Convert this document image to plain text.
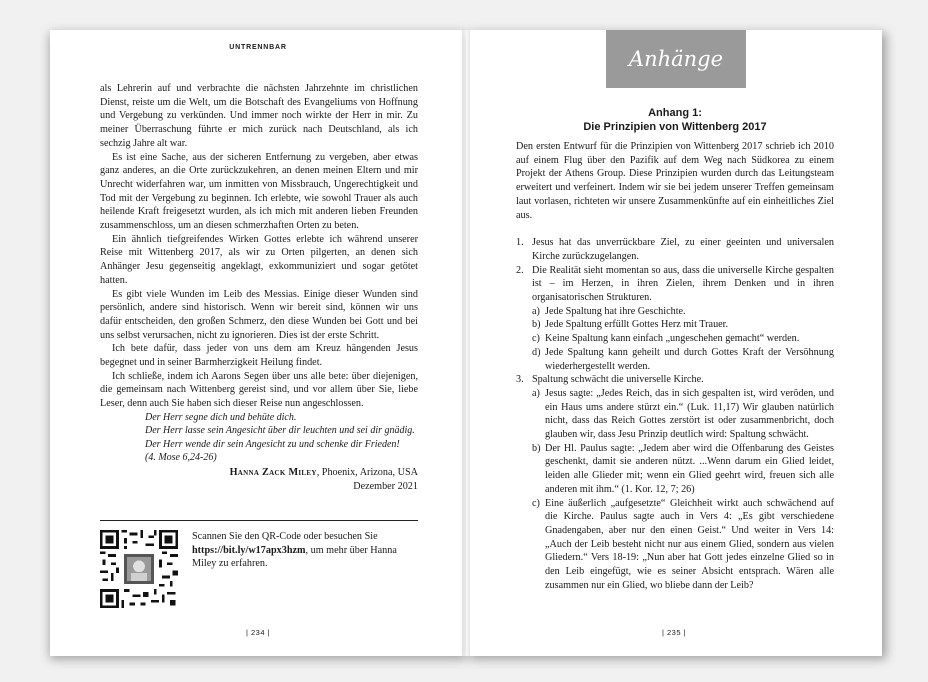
UNTRENNBAR

als Lehrerin auf und verbrachte die nächsten Jahrzehnte im christlichen Dienst, reiste um die Welt, um die Botschaft des Evangeliums von Hoffnung und Vergebung zu verkünden. Und immer noch wirkte der Herr in mir. Zu meiner Überraschung führte er mich zurück nach Deutschland, als ich sechzig Jahre alt war.

Es ist eine Sache, aus der sicheren Entfernung zu vergeben, aber etwas ganz anderes, an die Orte zurückzukehren, an denen meinen Eltern und mir Unrecht widerfahren war, um inmitten von Missbrauch, Ungerechtigkeit und Tod mit der Vergebung zu beginnen. Ich erlebte, wie sowohl Trauer als auch heilende Kraft freigesetzt wurden, als ich mich mit anderen lieben Freunden zusammenschloss, um an diesen schmerzhaften Orten zu beten.

Ein ähnlich tiefgreifendes Wirken Gottes erlebte ich während unserer Reise mit Wittenberg 2017, als wir zu Orten pilgerten, an denen sich Anhänger Jesu gegenseitig angeklagt, exkommuniziert und sogar getötet hatten.

Es gibt viele Wunden im Leib des Messias. Einige dieser Wunden sind persönlich, andere sind historisch. Wenn wir bereit sind, können wir uns dafür entscheiden, den großen Schmerz, den diese Wunden bei Gott und bei uns selbst verursachen, nicht zu ignorieren. Dies ist der erste Schritt.

Ich bete dafür, dass jeder von uns dem am Kreuz hängenden Jesus begegnet und in seiner Barmherzigkeit Heilung findet.

Ich schließe, indem ich Aarons Segen über uns alle bete: über diejenigen, die gemeinsam nach Wittenberg gereist sind, und vor allem über Sie, liebe Leser, denn auch Sie haben sich dieser Reise nun angeschlossen.

Der Herr segne dich und behüte dich.
Der Herr lasse sein Angesicht über dir leuchten und sei dir gnädig.
Der Herr wende dir sein Angesicht zu und schenke dir Frieden!
(4. Mose 6,24-26)
Hanna Zack Miley, Phoenix, Arizona, USA
Dezember 2021
Scannen Sie den QR-Code oder besuchen Sie https://bit.ly/w17apx3hzm, um mehr über Hanna Miley zu erfahren.
| 234 |
Anhänge
Anhang 1:
Die Prinzipien von Wittenberg 2017

Den ersten Entwurf für die Prinzipien von Wittenberg 2017 schrieb ich 2010 auf einem Flug über den Pazifik auf dem Weg nach Südkorea zu einem Projekt der Athens Group. Diese Prinzipien wurden durch das Leitungsteam erweitert und verfeinert. Indem wir sie bei jedem unserer Treffen gemeinsam laut vorlasen, richteten wir unsere Zusammenkünfte auf ein einheitliches Ziel aus.

1. Jesus hat das unverrückbare Ziel, zu einer geeinten und universalen Kirche zurückzugelangen.
2. Die Realität sieht momentan so aus, dass die universelle Kirche gespalten ist – im Herzen, in ihren Zielen, ihrem Denken und in ihren organisatorischen Strukturen.
a) Jede Spaltung hat ihre Geschichte.
b) Jede Spaltung erfüllt Gottes Herz mit Trauer.
c) Keine Spaltung kann einfach „ungeschehen gemacht“ werden.
d) Jede Spaltung kann geheilt und durch Gottes Kraft der Versöhnung wiederhergestellt werden.
3. Spaltung schwächt die universelle Kirche.
a) Jesus sagte: „Jedes Reich, das in sich gespalten ist, wird veröden, und ein Haus ums andere stürzt ein.“ (Luk. 11,17) Wir glauben natürlich nicht, dass das Reich Gottes zerstört ist oder zusammenbricht, doch glauben wir, dass Jesu Prinzip deutlich wird: Spaltung schwächt.
b) Der Hl. Paulus sagte: „Jedem aber wird die Offenbarung des Geistes geschenkt, damit sie anderen nützt. ...Wenn darum ein Glied leidet, leiden alle Glieder mit; wenn ein Glied geehrt wird, freuen sich alle anderen mit ihm.“ (1. Kor. 12, 7; 26)
c) Eine äußerlich „aufgesetzte“ Gleichheit wirkt auch schwächend auf die Kirche. Paulus sagte auch in Vers 4: „Es gibt verschiedene Gnadengaben, aber nur den einen Geist.“ Und weiter in Vers 14: „Auch der Leib besteht nicht nur aus einem Glied, sondern aus vielen Gliedern.“ Vers 18-19: „Nun aber hat Gott jedes einzelne Glied so in den Leib eingefügt, wie es seiner Absicht entsprach. Wären alle zusammen nur ein Glied, wo bliebe dann der Leib?
| 235 |
